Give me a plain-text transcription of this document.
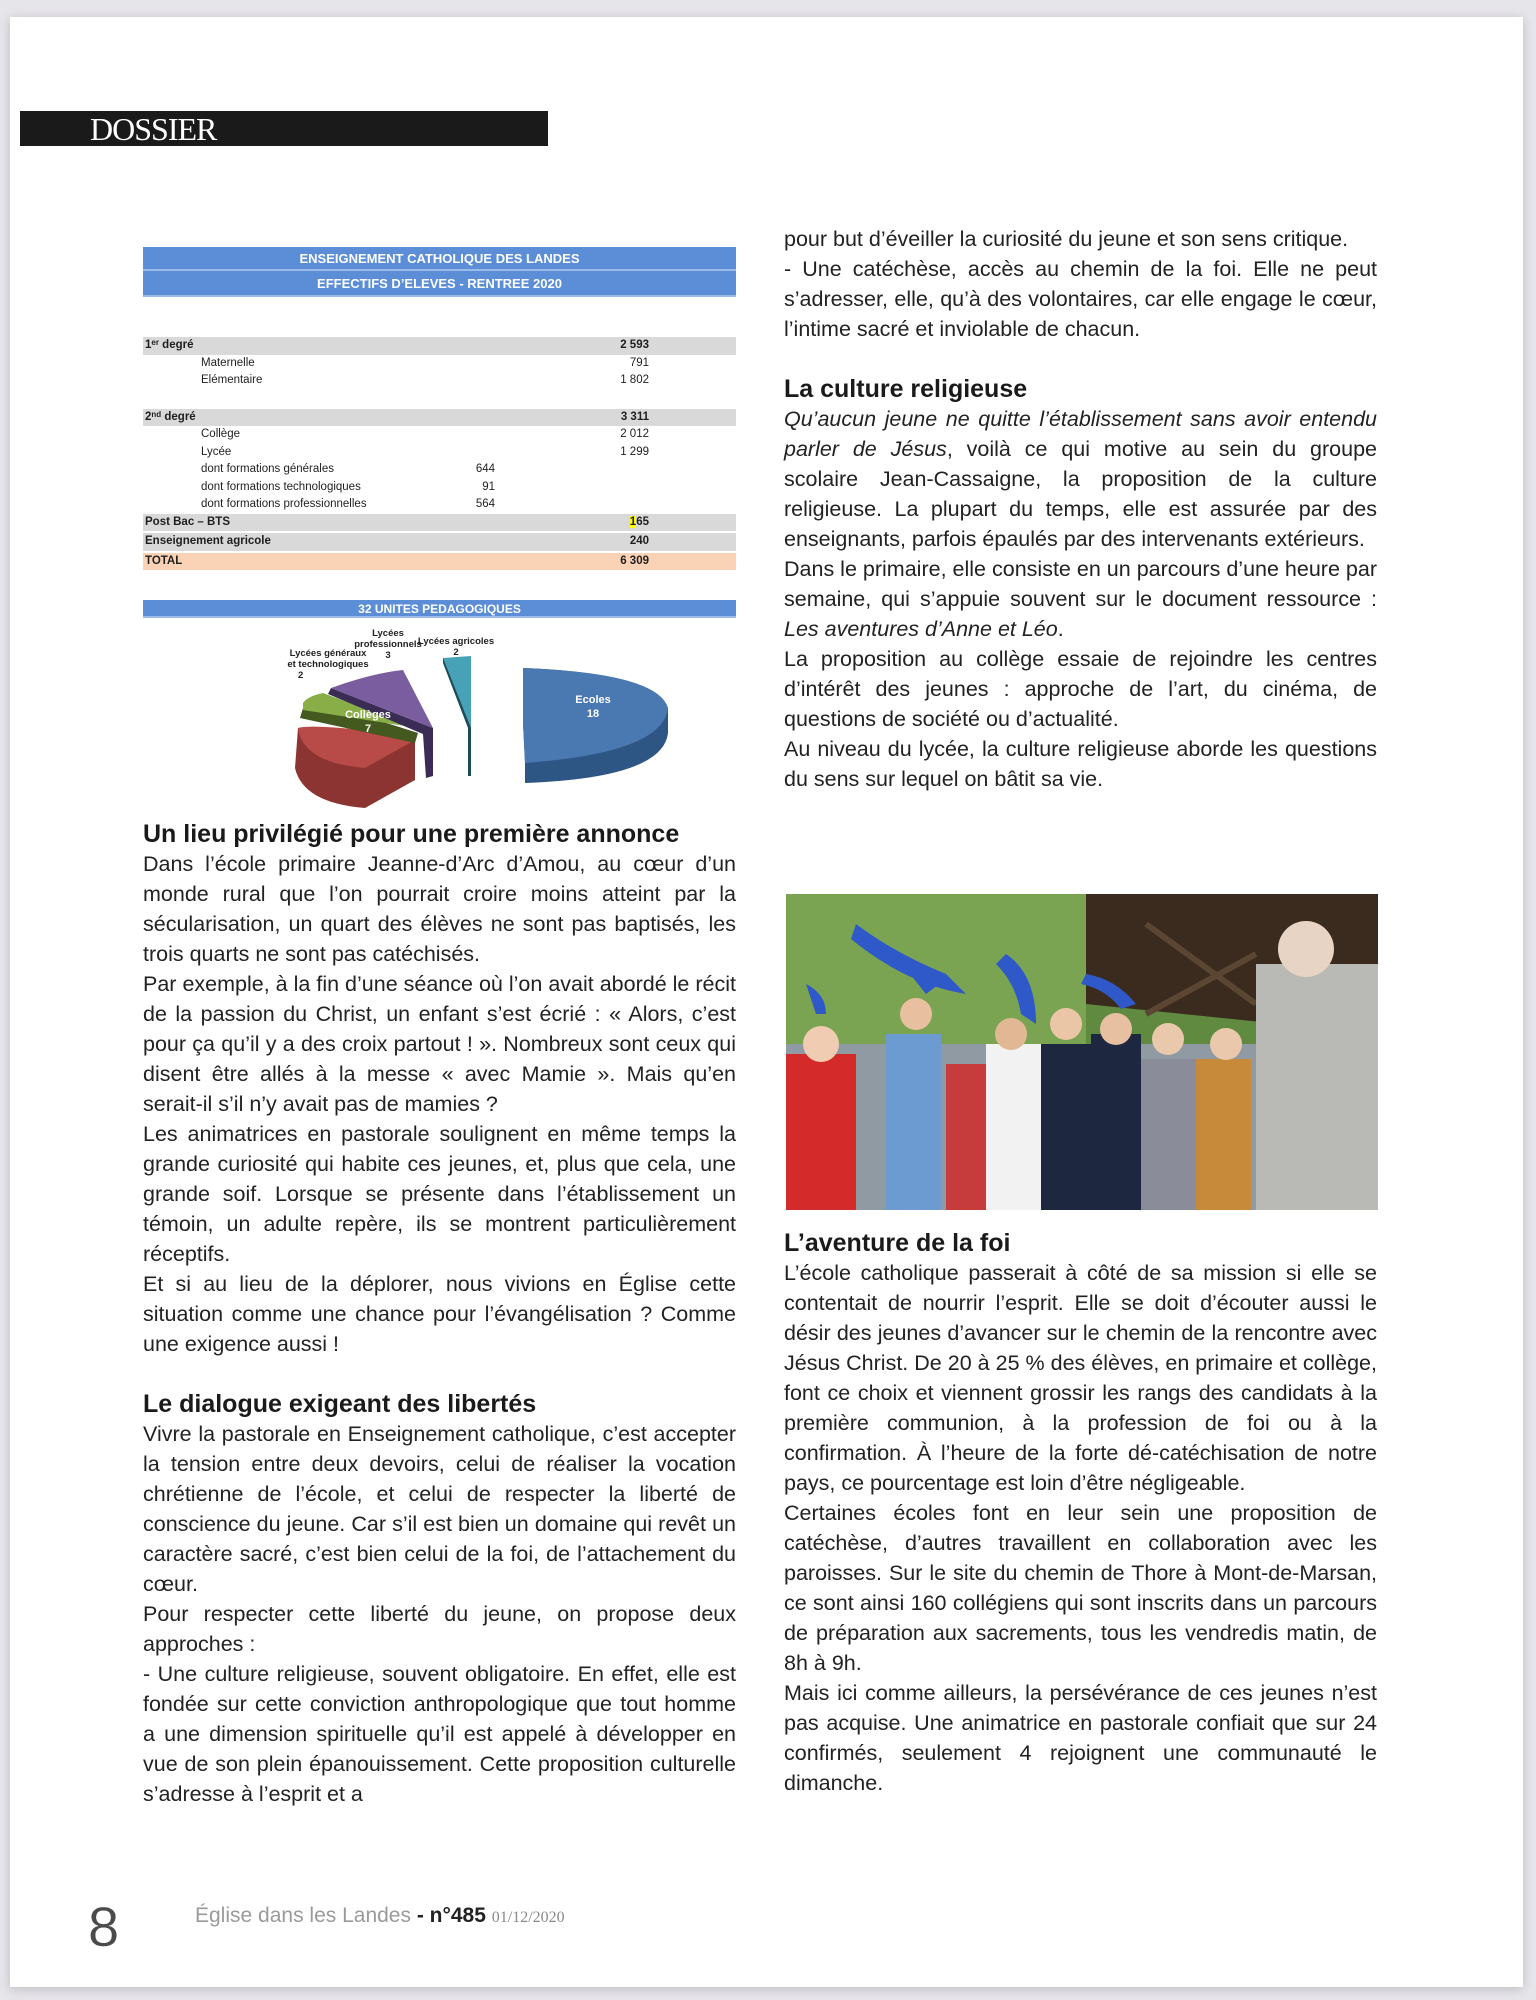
DOSSIER
ENSEIGNEMENT CATHOLIQUE DES LANDES
EFFECTIFS D’ELEVES - RENTREE 2020
1er degré	2 593
Maternelle	791
Elémentaire	1 802
2nd degré	3 311
Collège	2 012
Lycée	1 299
dont formations générales	644
dont formations technologiques	91
dont formations professionnelles	564
Post Bac – BTS	165
Enseignement agricole	240
TOTAL	6 309
32 UNITES PEDAGOGIQUES
Lycées généraux
et technologiques
2
Lycées
professionnels
3
Lycées agricoles
2
Collèges
7
Ecoles
18
Un lieu privilégié pour une première annonce

Dans l’école primaire Jeanne-d’Arc d’Amou, au cœur d’un monde rural que l’on pourrait croire moins atteint par la sécularisation, un quart des élèves ne sont pas baptisés, les trois quarts ne sont pas catéchisés.

Par exemple, à la fin d’une séance où l’on avait abordé le récit de la passion du Christ, un enfant s’est écrié : « Alors, c’est pour ça qu’il y a des croix partout ! ». Nombreux sont ceux qui disent être allés à la messe « avec Mamie ». Mais qu’en serait-il s’il n’y avait pas de mamies ?

Les animatrices en pastorale soulignent en même temps la grande curiosité qui habite ces jeunes, et, plus que cela, une grande soif. Lorsque se présente dans l’établissement un témoin, un adulte repère, ils se montrent particulièrement réceptifs.

Et si au lieu de la déplorer, nous vivions en Église cette situation comme une chance pour l’évangélisation ? Comme une exigence aussi !

Le dialogue exigeant des libertés

Vivre la pastorale en Enseignement catholique, c’est accepter la tension entre deux devoirs, celui de réaliser la vocation chrétienne de l’école, et celui de respecter la liberté de conscience du jeune. Car s’il est bien un domaine qui revêt un caractère sacré, c’est bien celui de la foi, de l’attachement du cœur.

Pour respecter cette liberté du jeune, on propose deux approches :

- Une culture religieuse, souvent obligatoire. En effet, elle est fondée sur cette conviction anthropologique que tout homme a une dimension spirituelle qu’il est appelé à développer en vue de son plein épanouissement. Cette proposition culturelle s’adresse à l’esprit et a

pour but d’éveiller la curiosité du jeune et son sens critique.

- Une catéchèse, accès au chemin de la foi. Elle ne peut s’adresser, elle, qu’à des volontaires, car elle engage le cœur, l’intime sacré et inviolable de chacun.

La culture religieuse

Qu’aucun jeune ne quitte l’établissement sans avoir entendu parler de Jésus, voilà ce qui motive au sein du groupe scolaire Jean-Cassaigne, la proposition de la culture religieuse. La plupart du temps, elle est assurée par des enseignants, parfois épaulés par des intervenants extérieurs.

Dans le primaire, elle consiste en un parcours d’une heure par semaine, qui s’appuie souvent sur le document ressource : Les aventures d’Anne et Léo.

La proposition au collège essaie de rejoindre les centres d’intérêt des jeunes : approche de l’art, du cinéma, de questions de société ou d’actualité.

Au niveau du lycée, la culture religieuse aborde les questions du sens sur lequel on bâtit sa vie.

L’aventure de la foi

L’école catholique passerait à côté de sa mission si elle se contentait de nourrir l’esprit. Elle se doit d’écouter aussi le désir des jeunes d’avancer sur le chemin de la rencontre avec Jésus Christ. De 20 à 25 % des élèves, en primaire et collège, font ce choix et viennent grossir les rangs des candidats à la première communion, à la profession de foi ou à la confirmation. À l’heure de la forte dé-catéchisation de notre pays, ce pourcentage est loin d’être négligeable.

Certaines écoles font en leur sein une proposition de catéchèse, d’autres travaillent en collaboration avec les paroisses. Sur le site du chemin de Thore à Mont-de-Marsan, ce sont ainsi 160 collégiens qui sont inscrits dans un parcours de préparation aux sacrements, tous les vendredis matin, de 8h à 9h.

Mais ici comme ailleurs, la persévérance de ces jeunes n’est pas acquise. Une animatrice en pastorale confiait que sur 24 confirmés, seulement 4 rejoignent une communauté le dimanche.

8	Église dans les Landes - n°485 01/12/2020
